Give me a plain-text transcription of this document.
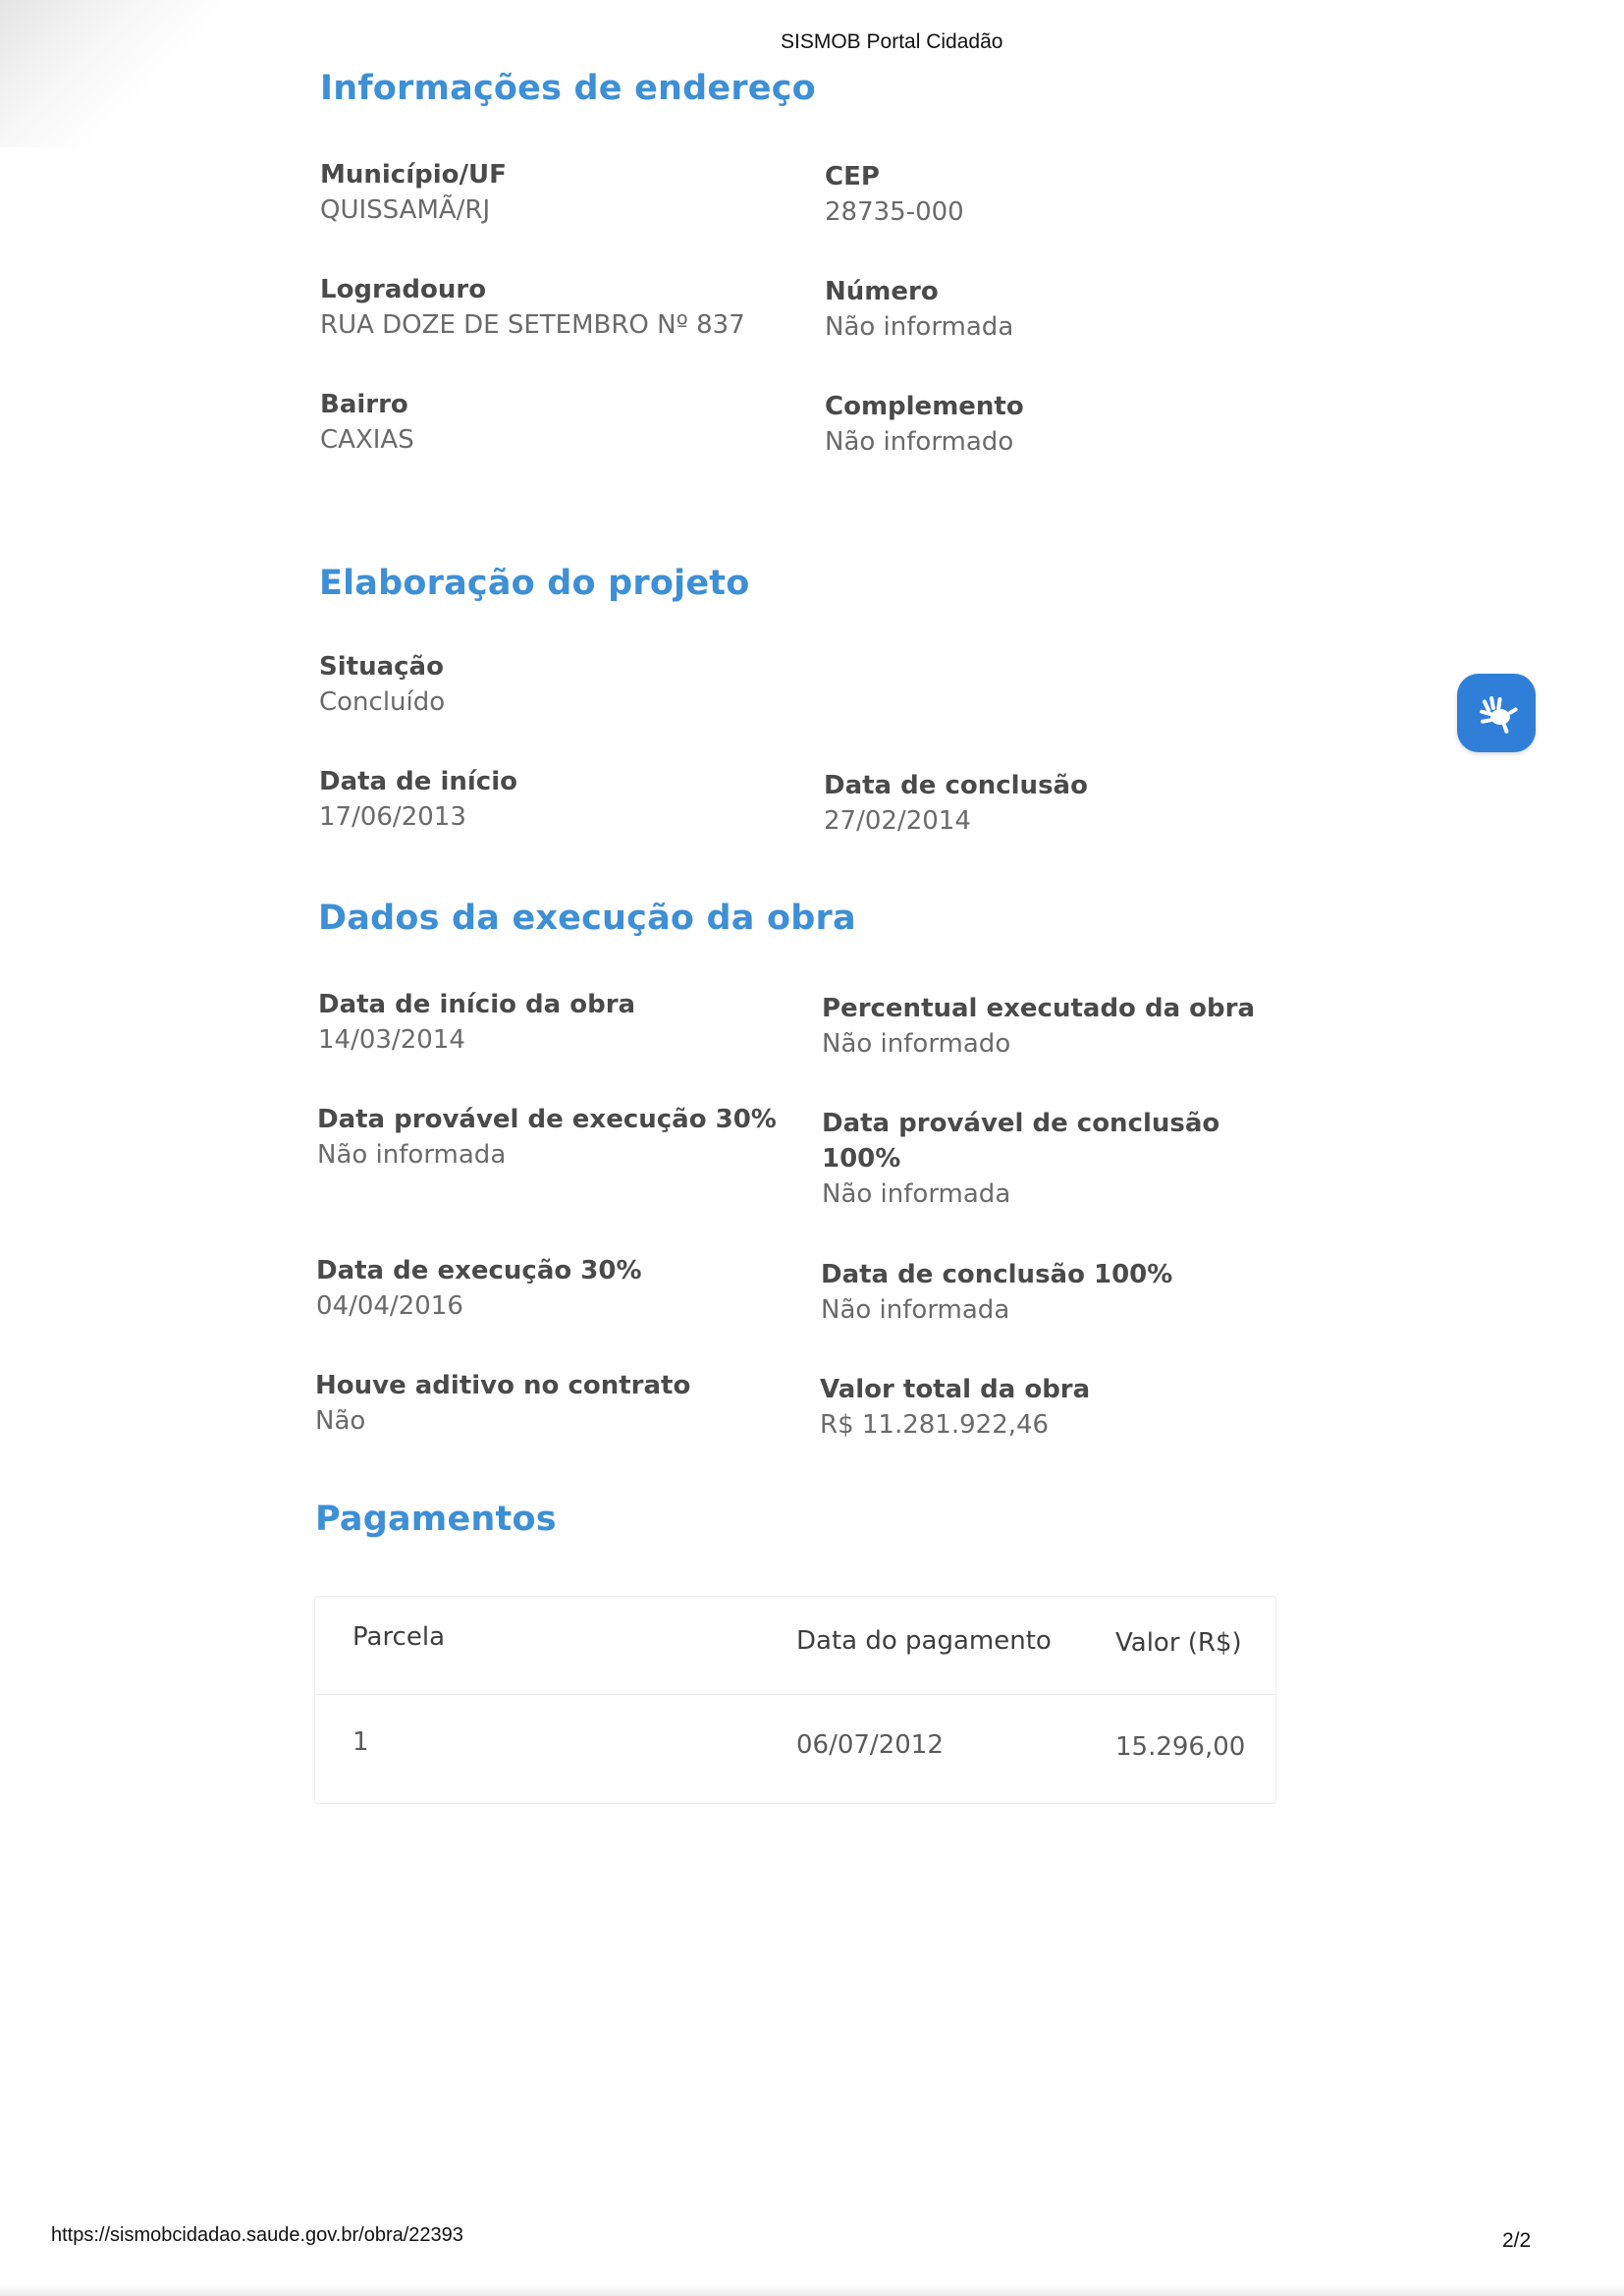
SISMOB Portal Cidadão
Informações de endereço
Município/UF
QUISSAMÃ/RJ
CEP
28735-000
Logradouro
RUA DOZE DE SETEMBRO Nº 837
Número
Não informada
Bairro
CAXIAS
Complemento
Não informado
Elaboração do projeto
Situação
Concluído
Data de início
17/06/2013
Data de conclusão
27/02/2014
Dados da execução da obra
Data de início da obra
14/03/2014
Percentual executado da obra
Não informado
Data provável de execução 30%
Não informada
Data provável de conclusão
100%
Não informada
Data de execução 30%
04/04/2016
Data de conclusão 100%
Não informada
Houve aditivo no contrato
Não
Valor total da obra
R$ 11.281.922,46
Pagamentos
Parcela	Data do pagamento	Valor (R$)
1	06/07/2012	15.296,00
https://sismobcidadao.saude.gov.br/obra/22393	2/2
